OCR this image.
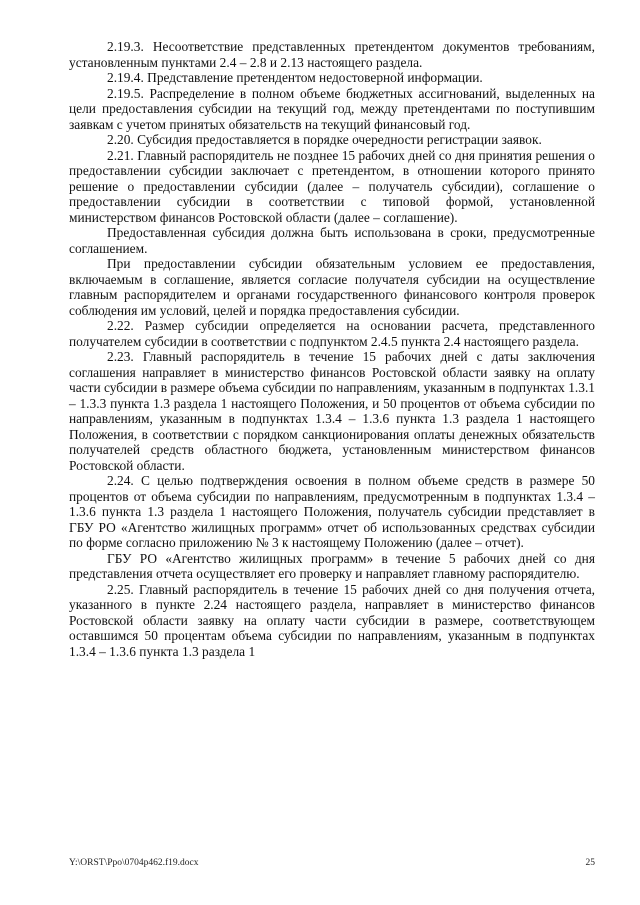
2.19.3. Несоответствие представленных претендентом документов требованиям, установленным пунктами 2.4 – 2.8 и 2.13 настоящего раздела.

2.19.4. Представление претендентом недостоверной информации.

2.19.5. Распределение в полном объеме бюджетных ассигнований, выделенных на цели предоставления субсидии на текущий год, между претендентами по поступившим заявкам с учетом принятых обязательств на текущий финансовый год.

2.20. Субсидия предоставляется в порядке очередности регистрации заявок.

2.21. Главный распорядитель не позднее 15 рабочих дней со дня принятия решения о предоставлении субсидии заключает с претендентом, в отношении которого принято решение о предоставлении субсидии (далее – получатель субсидии), соглашение о предоставлении субсидии в соответствии с типовой формой, установленной министерством финансов Ростовской области (далее – соглашение).

Предоставленная субсидия должна быть использована в сроки, предусмотренные соглашением.

При предоставлении субсидии обязательным условием ее предоставления, включаемым в соглашение, является согласие получателя субсидии на осуществление главным распорядителем и органами государственного финансового контроля проверок соблюдения им условий, целей и порядка предоставления субсидии.

2.22. Размер субсидии определяется на основании расчета, представленного получателем субсидии в соответствии с подпунктом 2.4.5 пункта 2.4 настоящего раздела.

2.23. Главный распорядитель в течение 15 рабочих дней с даты заключения соглашения направляет в министерство финансов Ростовской области заявку на оплату части субсидии в размере объема субсидии по направлениям, указанным в подпунктах 1.3.1 – 1.3.3 пункта 1.3 раздела 1 настоящего Положения, и 50 процентов от объема субсидии по направлениям, указанным в подпунктах 1.3.4 – 1.3.6 пункта 1.3 раздела 1 настоящего Положения, в соответствии с порядком санкционирования оплаты денежных обязательств получателей средств областного бюджета, установленным министерством финансов Ростовской области.

2.24. С целью подтверждения освоения в полном объеме средств в размере 50 процентов от объема субсидии по направлениям, предусмотренным в подпунктах 1.3.4 – 1.3.6 пункта 1.3 раздела 1 настоящего Положения, получатель субсидии представляет в ГБУ РО «Агентство жилищных программ» отчет об использованных средствах субсидии по форме согласно приложению № 3 к настоящему Положению (далее – отчет).

ГБУ РО «Агентство жилищных программ» в течение 5 рабочих дней со дня представления отчета осуществляет его проверку и направляет главному распорядителю.

2.25. Главный распорядитель в течение 15 рабочих дней со дня получения отчета, указанного в пункте 2.24 настоящего раздела, направляет в министерство финансов Ростовской области заявку на оплату части субсидии в размере, соответствующем оставшимся 50 процентам объема субсидии по направлениям, указанным в подпунктах 1.3.4 – 1.3.6 пункта 1.3 раздела 1

Y:\ORST\Ppo\0704p462.f19.docx	25
